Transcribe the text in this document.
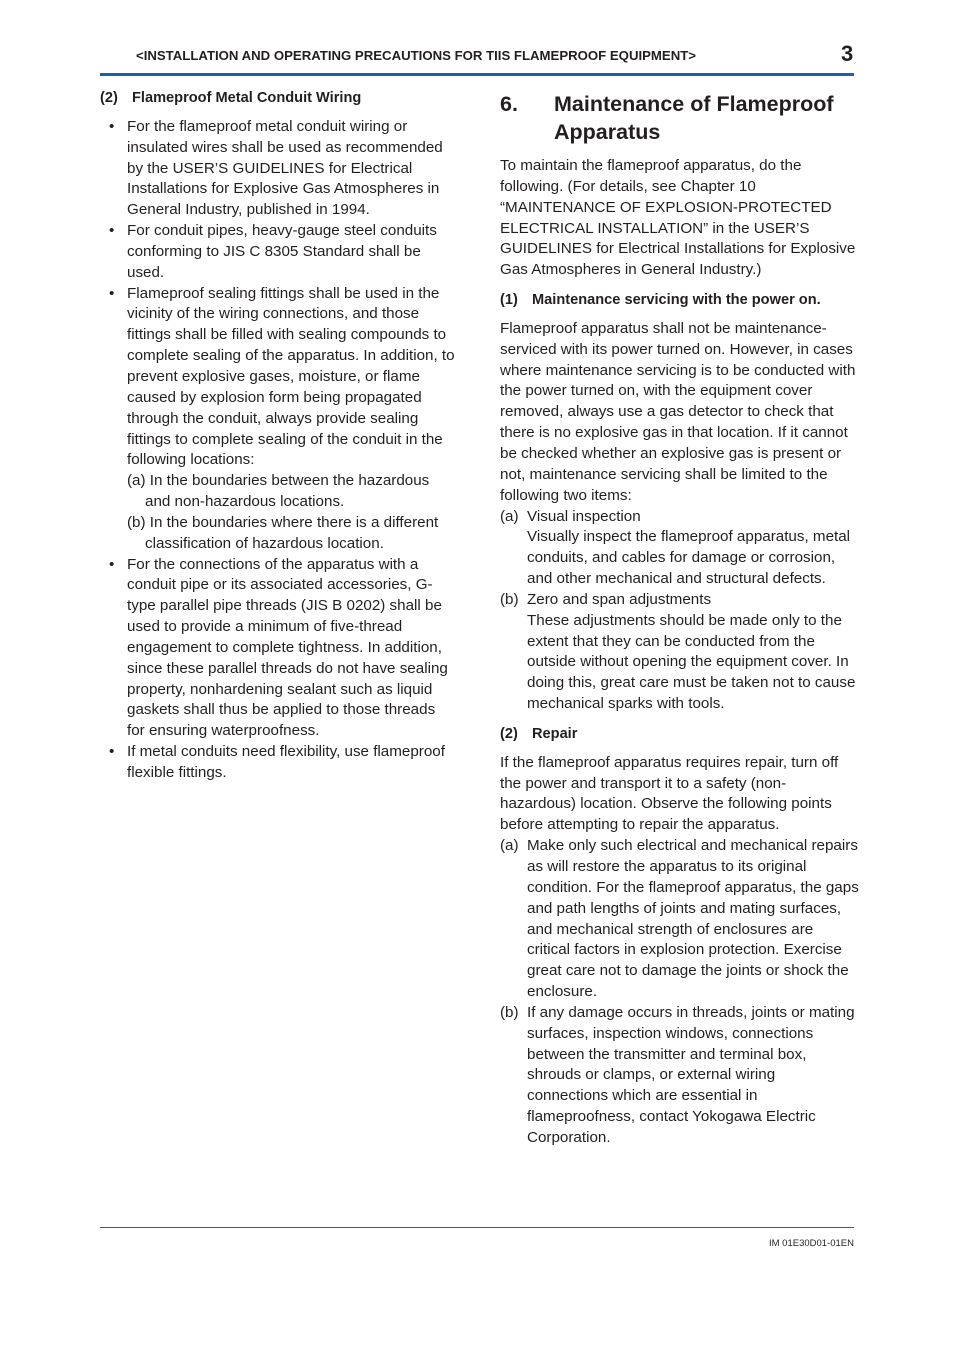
<INSTALLATION AND OPERATING PRECAUTIONS FOR TIIS FLAMEPROOF EQUIPMENT>	3
(2) Flameproof Metal Conduit Wiring
• For the flameproof metal conduit wiring or insulated wires shall be used as recommended by the USER’S GUIDELINES for Electrical Installations for Explosive Gas Atmospheres in General Industry, published in 1994.
• For conduit pipes, heavy-gauge steel conduits conforming to JIS C 8305 Standard shall be used.
• Flameproof sealing fittings shall be used in the vicinity of the wiring connections, and those fittings shall be filled with sealing compounds to complete sealing of the apparatus. In addition, to prevent explosive gases, moisture, or flame caused by explosion form being propagated through the conduit, always provide sealing fittings to complete sealing of the conduit in the following locations:
(a) In the boundaries between the hazardous and non-hazardous locations.
(b) In the boundaries where there is a different classification of hazardous location.
• For the connections of the apparatus with a conduit pipe or its associated accessories, G-type parallel pipe threads (JIS B 0202) shall be used to provide a minimum of five-thread engagement to complete tightness. In addition, since these parallel threads do not have sealing property, nonhardening sealant such as liquid gaskets shall thus be applied to those threads for ensuring waterproofness.
• If metal conduits need flexibility, use flameproof flexible fittings.
6. Maintenance of Flameproof Apparatus

To maintain the flameproof apparatus, do the following. (For details, see Chapter 10 “MAINTENANCE OF EXPLOSION-PROTECTED ELECTRICAL INSTALLATION” in the USER’S GUIDELINES for Electrical Installations for Explosive Gas Atmospheres in General Industry.)

(1) Maintenance servicing with the power on.
Flameproof apparatus shall not be maintenance-serviced with its power turned on. However, in cases where maintenance servicing is to be conducted with the power turned on, with the equipment cover removed, always use a gas detector to check that there is no explosive gas in that location. If it cannot be checked whether an explosive gas is present or not, maintenance servicing shall be limited to the following two items:
(a) Visual inspection
Visually inspect the flameproof apparatus, metal conduits, and cables for damage or corrosion, and other mechanical and structural defects.
(b) Zero and span adjustments
These adjustments should be made only to the extent that they can be conducted from the outside without opening the equipment cover. In doing this, great care must be taken not to cause mechanical sparks with tools.
(2) Repair
If the flameproof apparatus requires repair, turn off the power and transport it to a safety (non-hazardous) location. Observe the following points before attempting to repair the apparatus.
(a) Make only such electrical and mechanical repairs as will restore the apparatus to its original condition. For the flameproof apparatus, the gaps and path lengths of joints and mating surfaces, and mechanical strength of enclosures are critical factors in explosion protection. Exercise great care not to damage the joints or shock the enclosure.
(b) If any damage occurs in threads, joints or mating surfaces, inspection windows, connections between the transmitter and terminal box, shrouds or clamps, or external wiring connections which are essential in flameproofness, contact Yokogawa Electric Corporation.
IM 01E30D01-01EN
